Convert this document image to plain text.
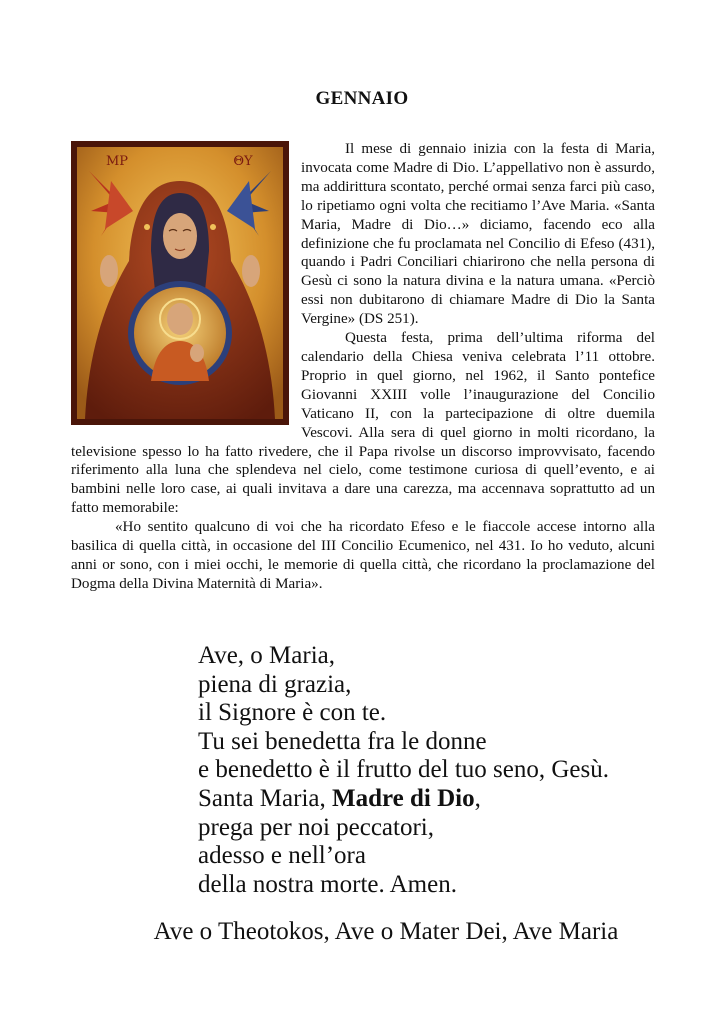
GENNAIO
МР	ΘΥ

Il mese di gennaio inizia con la festa di Maria, invocata come Madre di Dio. L’appellativo non è assurdo, ma addirittura scontato, perché ormai senza farci più caso, lo ripetiamo ogni volta che recitiamo l’Ave Maria. «Santa Maria, Madre di Dio…» diciamo, facendo eco alla definizione che fu proclamata nel Concilio di Efeso (431), quando i Padri Conciliari chiarirono che nella persona di Gesù ci sono la natura divina e la natura umana. «Perciò essi non dubitarono di chiamare Madre di Dio la Santa Vergine» (DS 251).

Questa festa, prima dell’ultima riforma del calendario della Chiesa veniva celebrata l’11 ottobre. Proprio in quel giorno, nel 1962, il Santo pontefice Giovanni XXIII volle l’inaugurazione del Concilio Vaticano II, con la partecipazione di oltre duemila Vescovi. Alla sera di quel giorno in molti ricordano, la televisione spesso lo ha fatto rivedere, che il Papa rivolse un discorso improvvisato, facendo riferimento alla luna che splendeva nel cielo, come testimone curiosa di quell’evento, e ai bambini nelle loro case, ai quali invitava a dare una carezza, ma accennava soprattutto ad un fatto memorabile:

«Ho sentito qualcuno di voi che ha ricordato Efeso e le fiaccole accese intorno alla basilica di quella città, in occasione del III Concilio Ecumenico, nel 431. Io ho veduto, alcuni anni or sono, con i miei occhi, le memorie di quella città, che ricordano la proclamazione del Dogma della Divina Maternità di Maria».

Ave, o Maria,
piena di grazia,
il Signore è con te.
Tu sei benedetta fra le donne
e benedetto è il frutto del tuo seno, Gesù.
Santa Maria, Madre di Dio,
prega per noi peccatori,
adesso e nell’ora
della nostra morte. Amen.
Ave o Theotokos, Ave o Mater Dei, Ave Maria
